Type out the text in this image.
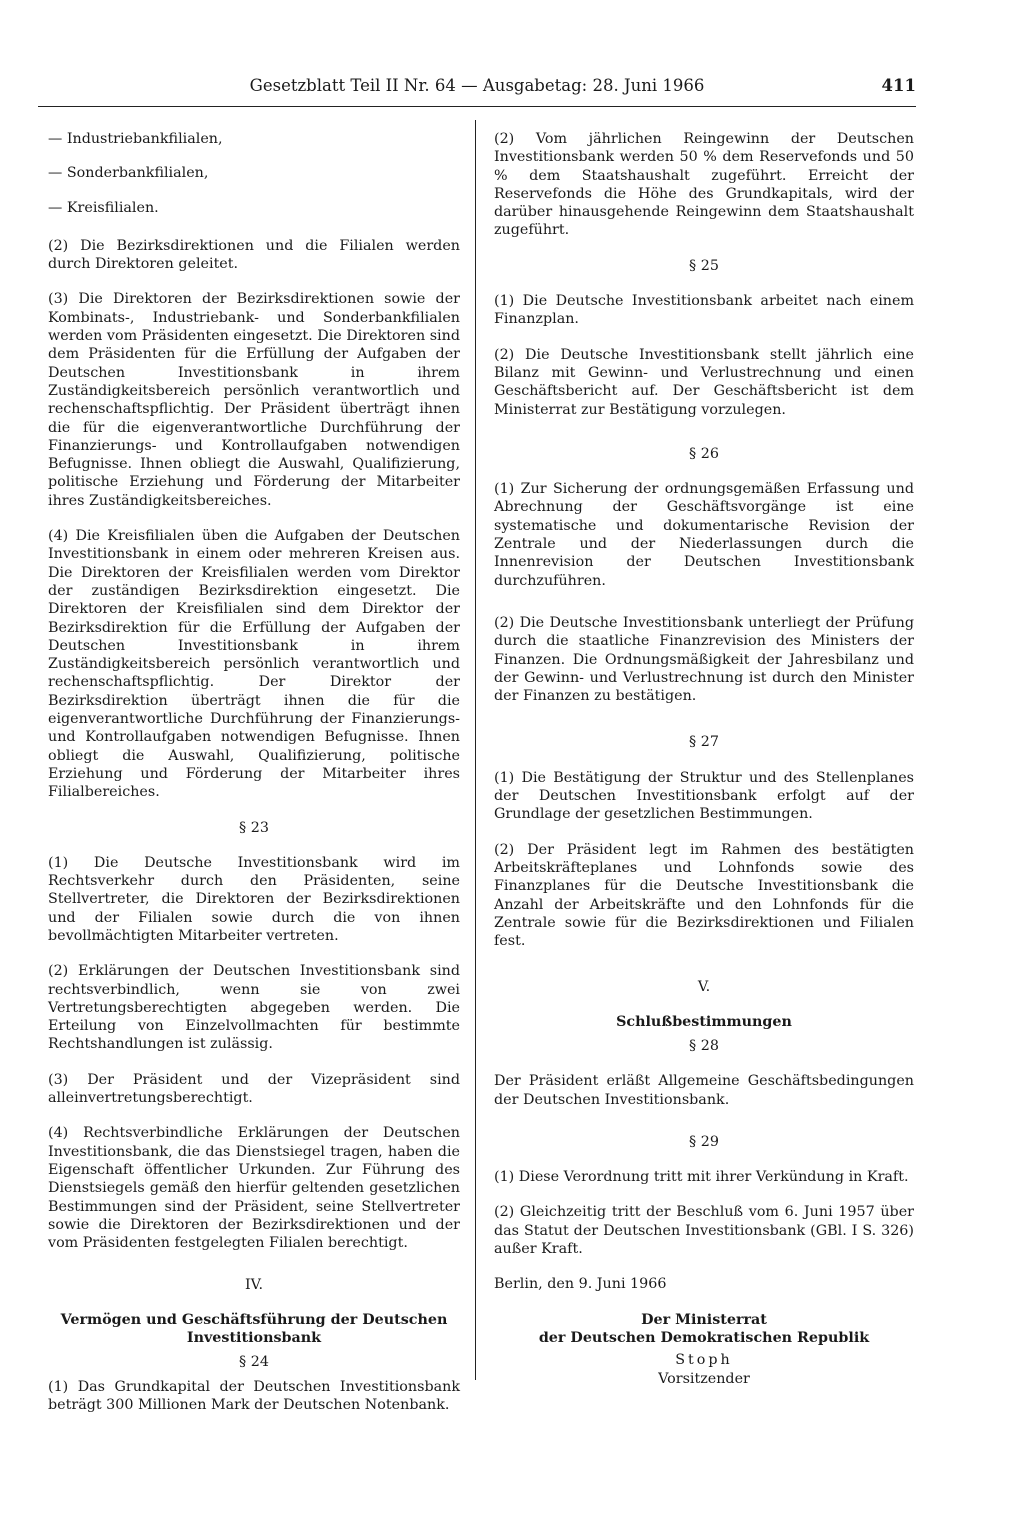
Gesetzblatt Teil II Nr. 64 — Ausgabetag: 28. Juni 1966	411
— Industriebankfilialen,
— Sonderbankfilialen,
— Kreisfilialen.

(2) Die Bezirksdirektionen und die Filialen werden durch Direktoren geleitet.

(3) Die Direktoren der Bezirksdirektionen sowie der Kombinats-, Industriebank- und Sonderbankfilialen werden vom Präsidenten eingesetzt. Die Direktoren sind dem Präsidenten für die Erfüllung der Aufgaben der Deutschen Investitionsbank in ihrem Zuständigkeitsbereich persönlich verantwortlich und rechenschaftspflichtig. Der Präsident überträgt ihnen die für die eigenverantwortliche Durchführung der Finanzierungs- und Kontrollaufgaben notwendigen Befugnisse. Ihnen obliegt die Auswahl, Qualifizierung, politische Erziehung und Förderung der Mitarbeiter ihres Zuständigkeitsbereiches.

(4) Die Kreisfilialen üben die Aufgaben der Deutschen Investitionsbank in einem oder mehreren Kreisen aus. Die Direktoren der Kreisfilialen werden vom Direktor der zuständigen Bezirksdirektion eingesetzt. Die Direktoren der Kreisfilialen sind dem Direktor der Bezirksdirektion für die Erfüllung der Aufgaben der Deutschen Investitionsbank in ihrem Zuständigkeitsbereich persönlich verantwortlich und rechenschaftspflichtig. Der Direktor der Bezirksdirektion überträgt ihnen die für die eigenverantwortliche Durchführung der Finanzierungs- und Kontrollaufgaben notwendigen Befugnisse. Ihnen obliegt die Auswahl, Qualifizierung, politische Erziehung und Förderung der Mitarbeiter ihres Filialbereiches.

§ 23

(1) Die Deutsche Investitionsbank wird im Rechtsverkehr durch den Präsidenten, seine Stellvertreter, die Direktoren der Bezirksdirektionen und der Filialen sowie durch die von ihnen bevollmächtigten Mitarbeiter vertreten.

(2) Erklärungen der Deutschen Investitionsbank sind rechtsverbindlich, wenn sie von zwei Vertretungsberechtigten abgegeben werden. Die Erteilung von Einzelvollmachten für bestimmte Rechtshandlungen ist zulässig.

(3) Der Präsident und der Vizepräsident sind alleinvertretungsberechtigt.

(4) Rechtsverbindliche Erklärungen der Deutschen Investitionsbank, die das Dienstsiegel tragen, haben die Eigenschaft öffentlicher Urkunden. Zur Führung des Dienstsiegels gemäß den hierfür geltenden gesetzlichen Bestimmungen sind der Präsident, seine Stellvertreter sowie die Direktoren der Bezirksdirektionen und der vom Präsidenten festgelegten Filialen berechtigt.

IV.
Vermögen und Geschäftsführung der Deutschen Investitionsbank
§ 24

(1) Das Grundkapital der Deutschen Investitionsbank beträgt 300 Millionen Mark der Deutschen Notenbank.

(2) Vom jährlichen Reingewinn der Deutschen Investitionsbank werden 50 % dem Reservefonds und 50 % dem Staatshaushalt zugeführt. Erreicht der Reservefonds die Höhe des Grundkapitals, wird der darüber hinausgehende Reingewinn dem Staatshaushalt zugeführt.

§ 25

(1) Die Deutsche Investitionsbank arbeitet nach einem Finanzplan.

(2) Die Deutsche Investitionsbank stellt jährlich eine Bilanz mit Gewinn- und Verlustrechnung und einen Geschäftsbericht auf. Der Geschäftsbericht ist dem Ministerrat zur Bestätigung vorzulegen.

§ 26

(1) Zur Sicherung der ordnungsgemäßen Erfassung und Abrechnung der Geschäftsvorgänge ist eine systematische und dokumentarische Revision der Zentrale und der Niederlassungen durch die Innenrevision der Deutschen Investitionsbank durchzuführen.

(2) Die Deutsche Investitionsbank unterliegt der Prüfung durch die staatliche Finanzrevision des Ministers der Finanzen. Die Ordnungsmäßigkeit der Jahresbilanz und der Gewinn- und Verlustrechnung ist durch den Minister der Finanzen zu bestätigen.

§ 27

(1) Die Bestätigung der Struktur und des Stellenplanes der Deutschen Investitionsbank erfolgt auf der Grundlage der gesetzlichen Bestimmungen.

(2) Der Präsident legt im Rahmen des bestätigten Arbeitskräfteplanes und Lohnfonds sowie des Finanzplanes für die Deutsche Investitionsbank die Anzahl der Arbeitskräfte und den Lohnfonds für die Zentrale sowie für die Bezirksdirektionen und Filialen fest.

V.
Schlußbestimmungen
§ 28

Der Präsident erläßt Allgemeine Geschäftsbedingungen der Deutschen Investitionsbank.

§ 29

(1) Diese Verordnung tritt mit ihrer Verkündung in Kraft.

(2) Gleichzeitig tritt der Beschluß vom 6. Juni 1957 über das Statut der Deutschen Investitionsbank (GBl. I S. 326) außer Kraft.

Berlin, den 9. Juni 1966
Der Ministerrat
der Deutschen Demokratischen Republik
Stoph
Vorsitzender
